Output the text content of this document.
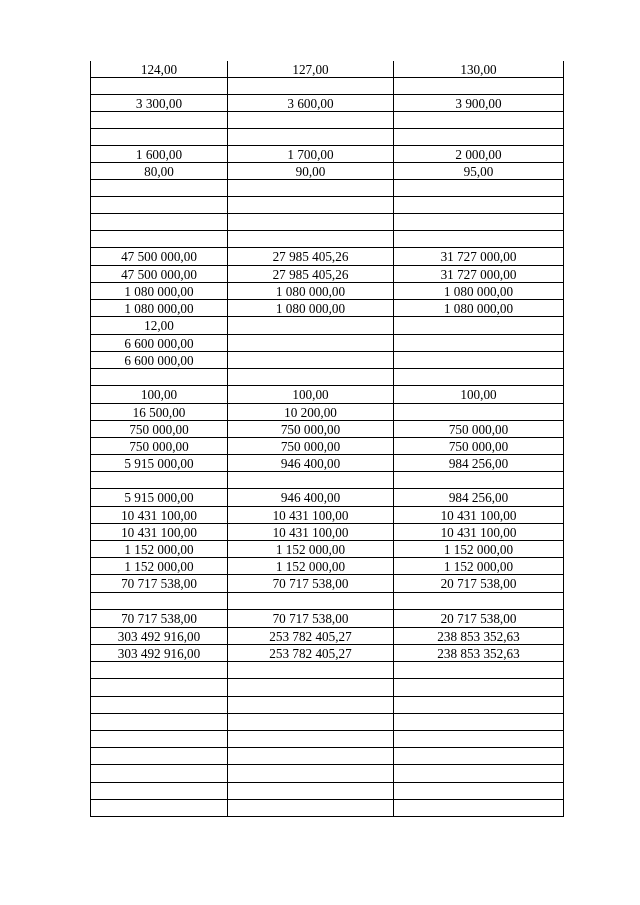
124,00	127,00	130,00
3 300,00	3 600,00	3 900,00
1 600,00	1 700,00	2 000,00
80,00	90,00	95,00
47 500 000,00	27 985 405,26	31 727 000,00
47 500 000,00	27 985 405,26	31 727 000,00
1 080 000,00	1 080 000,00	1 080 000,00
1 080 000,00	1 080 000,00	1 080 000,00
12,00
6 600 000,00
6 600 000,00
100,00	100,00	100,00
16 500,00	10 200,00
750 000,00	750 000,00	750 000,00
750 000,00	750 000,00	750 000,00
5 915 000,00	946 400,00	984 256,00
5 915 000,00	946 400,00	984 256,00
10 431 100,00	10 431 100,00	10 431 100,00
10 431 100,00	10 431 100,00	10 431 100,00
1 152 000,00	1 152 000,00	1 152 000,00
1 152 000,00	1 152 000,00	1 152 000,00
70 717 538,00	70 717 538,00	20 717 538,00
70 717 538,00	70 717 538,00	20 717 538,00
303 492 916,00	253 782 405,27	238 853 352,63
303 492 916,00	253 782 405,27	238 853 352,63
